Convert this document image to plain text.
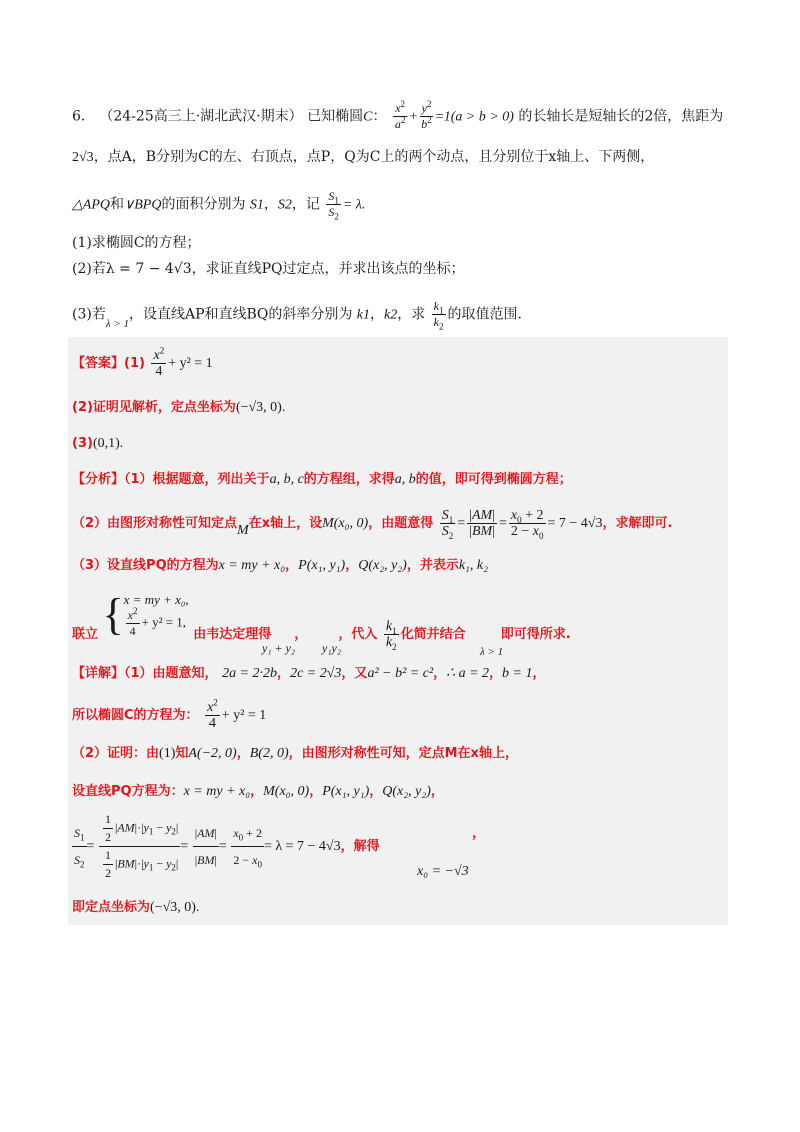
6． （24-25高三上·湖北武汉·期末） 已知椭圆C： $\frac{x^2}{a^2} + \frac{y^2}{b^2} =1(a > b > 0)$ 的长轴长是短轴长的2倍，焦距为
2√3，点A，B分别为C的左、右顶点，点P，Q为C上的两个动点，且分别位于x轴上、下两侧，
△APQ和∨BPQ的面积分别为 S1，S2，记 $\frac{S_1}{S_2} = \lambda$.
(1)求椭圆C的方程；
(2)若λ = 7 − 4√3，求证直线PQ过定点，并求出该点的坐标；
(3)若$_{\lambda > 1}$，设直线AP和直线BQ的斜率分别为 k1，k2，求 $\frac{k_1}{k_2}$ 的取值范围.
【答案】$(1) \frac{x^2}{4} + y^2 = 1$
(2)证明见解析，定点坐标为(−√3, 0).
(3)(0,1).
【分析】（1）根据题意，列出关于a, b, c的方程组，求得a, b的值，即可得到椭圆方程；
（2）由图形对称性可知定点M在x轴上，设M(x₀, 0)，由题意得 $\frac{S_1}{S_2} = \frac{|AM|}{|BM|} = \frac{x_0 + 2}{2 - x_0} = 7 - 4√3$，求解即可.
（3）设直线PQ的方程为x = my + x₀，P(x₁, y₁)，Q(x₂, y₂)，并表示k₁, k₂
联立 { x = my + x₀,
$\frac{x^2}{4} + y^2 = 1$,
由韦达定理得 ， ，代入 $\frac{k_1}{k_2}$ 化简并结合	即可得所求.
y₁ + y₂ y₁y₂	λ > 1
【详解】（1）由题意知， 2a = 2·2b，2c = 2√3，又a² − b² = c²，∴ a = 2，b = 1，
所以椭圆C的方程为： $\frac{x^2}{4} + y^2 = 1$
（2）证明：由(1)知A(−2, 0)，B(2, 0)，由图形对称性可知，定点M在x轴上，
设直线PQ方程为：x = my + x₀，M(x₀, 0)，P(x₁, y₁)，Q(x₂, y₂)，
$\frac{S_1}{S_2} = \frac{\frac{1}{2} |AM|\cdot|y_1 - y_2|}{\frac{1}{2} |BM|\cdot|y_1 - y_2|} = \frac{|AM|}{|BM|} = \frac{x_0 + 2}{2 - x_0} = \lambda = 7 - 4√3$，解得
x₀ = −√3
，
即定点坐标为(−√3, 0).
